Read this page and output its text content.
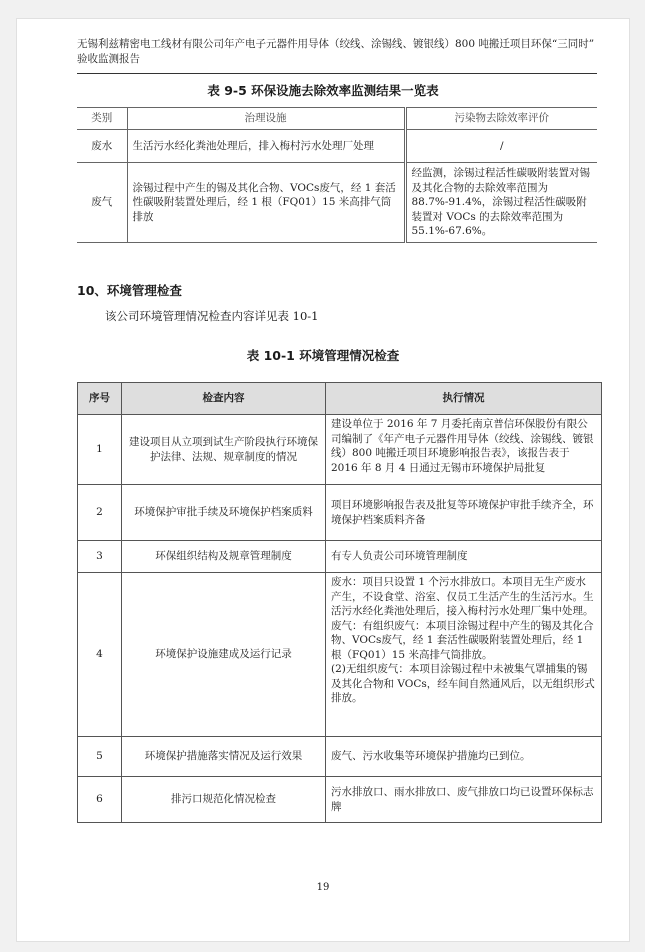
无锡利兹精密电工线材有限公司年产电子元器件用导体（绞线、涂锡线、镀银线）800 吨搬迁项目环保“三同时”
验收监测报告
表 9-5 环保设施去除效率监测结果一览表
类别	治理设施	污染物去除效率评价
废水	生活污水经化粪池处理后，排入梅村污水处理厂处理	/
废气	涂锡过程中产生的锡及其化合物、VOCs废气，经 1 套活性碳吸附装置处理后，经 1 根（FQ01）15 米高排气筒排放	经监测，涂锡过程活性碳吸附装置对锡及其化合物的去除效率范围为 88.7%-91.4%，涂锡过程活性碳吸附装置对 VOCs 的去除效率范围为 55.1%-67.6%。
10、环境管理检查
该公司环境管理情况检查内容详见表 10-1
表 10-1 环境管理情况检查
序号	检查内容	执行情况
1	建设项目从立项到试生产阶段执行环境保护法律、法规、规章制度的情况	建设单位于 2016 年 7 月委托南京普信环保股份有限公司编制了《年产电子元器件用导体（绞线、涂锡线、镀银线）800 吨搬迁项目环境影响报告表》，该报告表于 2016 年 8 月 4 日通过无锡市环境保护局批复
2	环境保护审批手续及环境保护档案质料	项目环境影响报告表及批复等环境保护审批手续齐全，环境保护档案质料齐备
3	环保组织结构及规章管理制度	有专人负责公司环境管理制度
4	环境保护设施建成及运行记录	废水：项目只设置 1 个污水排放口。本项目无生产废水产生，不设食堂、浴室、仅员工生活产生的生活污水。生活污水经化粪池处理后，接入梅村污水处理厂集中处理。
废气：有组织废气：本项目涂锡过程中产生的锡及其化合物、VOCs废气，经 1 套活性碳吸附装置处理后，经 1 根（FQ01）15 米高排气筒排放。
(2)无组织废气：本项目涂锡过程中未被集气罩捕集的锡及其化合物和 VOCs，经车间自然通风后，以无组织形式排放。

5	环境保护措施落实情况及运行效果	废气、污水收集等环境保护措施均已到位。
6	排污口规范化情况检查	污水排放口、雨水排放口、废气排放口均已设置环保标志牌
19
